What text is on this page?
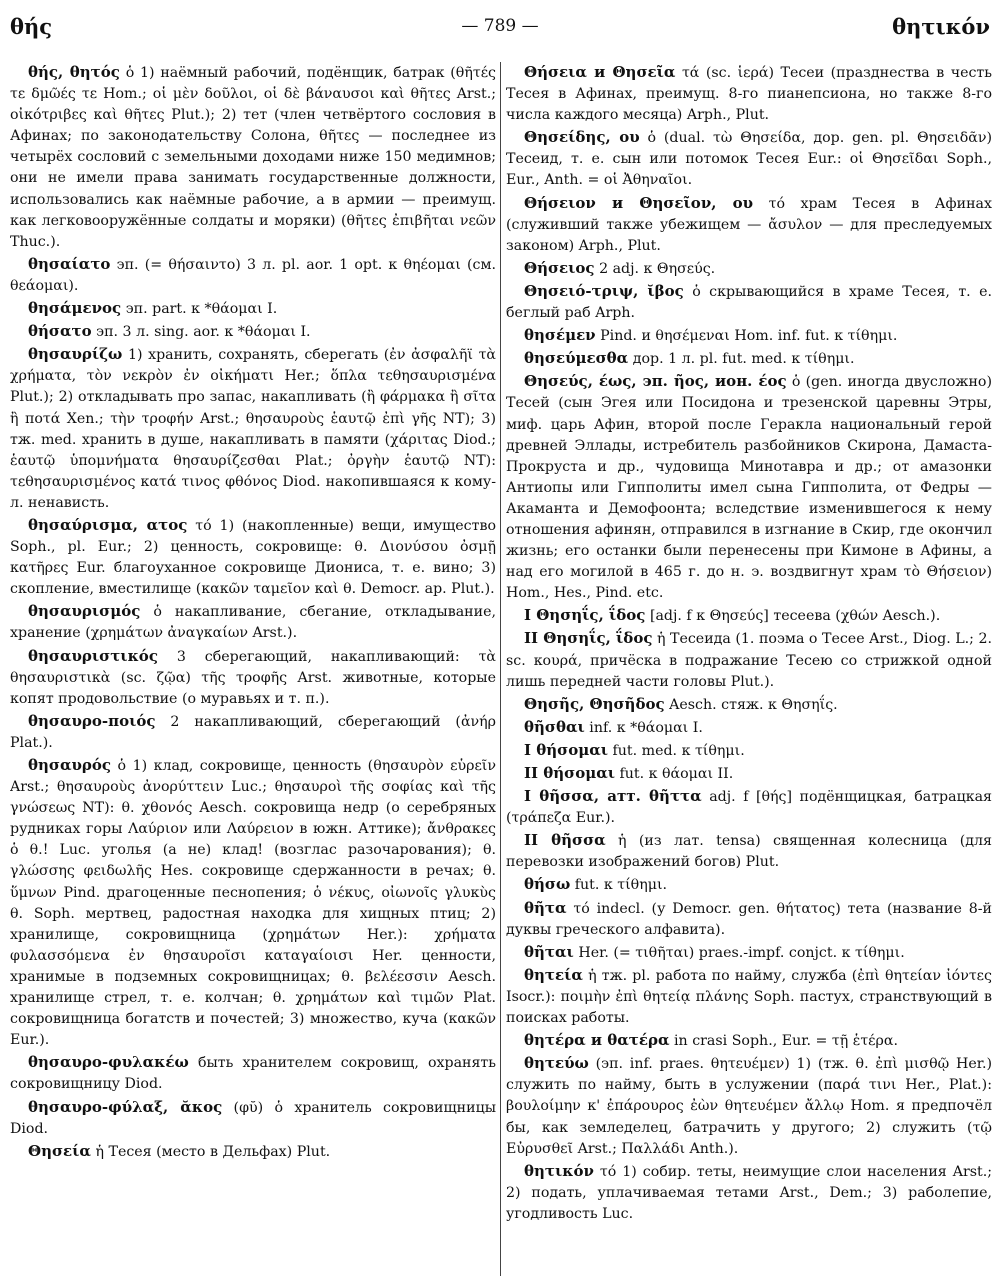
θής	— 789 —	θητικόν

θής, θητός ὁ 1) наёмный рабочий, подёнщик, батрак (θῆτές τε δμῶές τε Hom.; οἱ μὲν δοῦλοι, οἱ δὲ βάναυσοι καὶ θῆτες Arst.; οἰκότριβες καὶ θῆτες Plut.); 2) тет (член четвёртого сословия в Афинах; по законодательству Солона, θῆτες — последнее из четырёх сословий с земельными доходами ниже 150 медимнов; они не имели права занимать государственные должности, использовались как наёмные рабочие, а в армии — преимущ. как легковооружённые солдаты и моряки) (θῆτες ἐπιβῆται νεῶν Thuc.).

θησαίατο эп. (= θήσαιντο) 3 л. pl. aor. 1 opt. к θηέομαι (см. θεάομαι).

θησάμενος эп. part. к *θάομαι I.

θήσατο эп. 3 л. sing. aor. к *θάομαι I.

θησαυρίζω 1) хранить, сохранять, сберегать (ἐν ἀσφαλῆϊ τὰ χρήματα, τὸν νεκρὸν ἐν οἰκήματι Her.; ὅπλα τεθησαυρισμένα Plut.); 2) откладывать про запас, накапливать (ἢ φάρμακα ἢ σῖτα ἢ ποτά Xen.; τὴν τροφήν Arst.; θησαυροὺς ἑαυτῷ ἐπὶ γῆς NT); 3) тж. med. хранить в душе, накапливать в памяти (χάριτας Diod.; ἑαυτῷ ὑπομνήματα θησαυρίζεσθαι Plat.; ὀργὴν ἑαυτῷ NT): τεθησαυρισμένος κατά τινος φθόνος Diod. накопившаяся к кому-л. ненависть.

θησαύρισμα, ατος τό 1) (накопленные) вещи, имущество Soph., pl. Eur.; 2) ценность, сокровище: θ. Διονύσου ὀσμῇ κατῆρες Eur. благоуханное сокровище Диониса, т. е. вино; 3) скопление, вместилище (κακῶν ταμεῖον καὶ θ. Democr. ap. Plut.).

θησαυρισμός ὁ накапливание, сбегание, откладывание, хранение (χρημάτων ἀναγκαίων Arst.).

θησαυριστικός 3 сберегающий, накапливающий: τὰ θησαυριστικὰ (sc. ζῷα) τῆς τροφῆς Arst. животные, которые копят продовольствие (о муравьях и т. п.).

θησαυρο-ποιός 2 накапливающий, сберегающий (ἀνήρ Plat.).

θησαυρός ὁ 1) клад, сокровище, ценность (θησαυρὸν εὑρεῖν Arst.; θησαυροὺς ἀνορύττειν Luc.; θησαυροὶ τῆς σοφίας καὶ τῆς γνώσεως NT): θ. χθονός Aesch. сокровища недр (о серебряных рудниках горы Λαύριον или Λαύρειον в южн. Аттике); ἄνθρακες ὁ θ.! Luc. уголья (а не) клад! (возглас разочарования); θ. γλώσσης φειδωλῆς Hes. сокровище сдержанности в речах; θ. ὕμνων Pind. драгоценные песнопения; ὁ νέκυς, οἰωνοῖς γλυκὺς θ. Soph. мертвец, радостная находка для хищных птиц; 2) хранилище, сокровищница (χρημάτων Her.): χρήματα φυλασσόμενα ἐν θησαυροῖσι καταγαίοισι Her. ценности, хранимые в подземных сокровищницах; θ. βελέεσσιν Aesch. хранилище стрел, т. е. колчан; θ. χρημάτων καὶ τιμῶν Plat. сокровищница богатств и почестей; 3) множество, куча (κακῶν Eur.).

θησαυρο-φυλακέω быть хранителем сокровищ, охранять сокровищницу Diod.

θησαυρο-φύλαξ, ᾰκος (φῠ) ὁ хранитель сокровищницы Diod.

Θησεία ἡ Тесея (место в Дельфах) Plut.

Θήσεια и Θησεῖα τά (sc. ἱερά) Тесеи (празднества в честь Тесея в Афинах, преимущ. 8-го пианепсиона, но также 8-го числа каждого месяца) Arph., Plut.

Θησείδης, ου ὁ (dual. τὼ Θησείδα, дор. gen. pl. Θησειδᾶν) Тесеид, т. е. сын или потомок Тесея Eur.: οἱ Θησεῖδαι Soph., Eur., Anth. = οἱ Ἀθηναῖοι.

Θήσειον и Θησεῖον, ου τό храм Тесея в Афинах (служивший также убежищем — ἄσυλον — для преследуемых законом) Arph., Plut.

Θήσειος 2 adj. к Θησεύς.

Θησειό-τριψ, ῐβος ὁ скрывающийся в храме Тесея, т. е. беглый раб Arph.

θησέμεν Pind. и θησέμεναι Hom. inf. fut. к τίθημι.

θησεύμεσθα дор. 1 л. pl. fut. med. к τίθημι.

Θησεύς, έως, эп. ῆος, ион. έος ὁ (gen. иногда двусложно) Тесей (сын Эгея или Посидона и трезенской царевны Этры, миф. царь Афин, второй после Геракла национальный герой древней Эллады, истребитель разбойников Скирона, Дамаста-Прокруста и др., чудовища Минотавра и др.; от амазонки Антиопы или Гипполиты имел сына Гипполита, от Федры — Акаманта и Демофоонта; вследствие изменившегося к нему отношения афинян, отправился в изгнание в Скир, где окончил жизнь; его останки были перенесены при Кимоне в Афины, а над его могилой в 465 г. до н. э. воздвигнут храм τὸ Θήσειον) Hom., Hes., Pind. etc.

I Θησηΐς, ΐδος [adj. f к Θησεύς] тесеева (χθών Aesch.).

II Θησηΐς, ΐδος ἡ Тесеида (1. поэма о Тесее Arst., Diog. L.; 2. sc. κουρά, причёска в подражание Тесею со стрижкой одной лишь передней части головы Plut.).

Θησῆς, Θησῆδος Aesch. стяж. к Θησηΐς.

θῆσθαι inf. к *θάομαι I.

I θήσομαι fut. med. к τίθημι.

II θήσομαι fut. к θάομαι II.

I θῆσσα, атт. θῆττα adj. f [θής] подёнщицкая, батрацкая (τράπεζα Eur.).

II θῆσσα ἡ (из лат. tensa) священная колесница (для перевозки изображений богов) Plut.

θήσω fut. к τίθημι.

θῆτα τό indecl. (у Democr. gen. θήτατος) тета (название 8-й дуквы греческого алфавита).

θῆται Her. (= τιθῆται) praes.-impf. conjct. к τίθημι.

θητεία ἡ тж. pl. работа по найму, служба (ἐπὶ θητείαν ἰόντες Isocr.): ποιμὴν ἐπὶ θητείᾳ πλάνης Soph. пастух, странствующий в поисках работы.

θητέρα и θατέρα in crasi Soph., Eur. = τῇ ἑτέρα.

θητεύω (эп. inf. praes. θητευέμεν) 1) (тж. θ. ἐπὶ μισθῷ Her.) служить по найму, быть в услужении (παρά τινι Her., Plat.): βουλοίμην κ' ἐπάρουρος ἐὼν θητευέμεν ἄλλῳ Hom. я предпочёл бы, как земледелец, батрачить у другого; 2) служить (τῷ Εὐρυσθεῖ Arst.; Παλλάδι Anth.).

θητικόν τό 1) собир. теты, неимущие слои населения Arst.; 2) подать, уплачиваемая тетами Arst., Dem.; 3) раболепие, угодливость Luc.
